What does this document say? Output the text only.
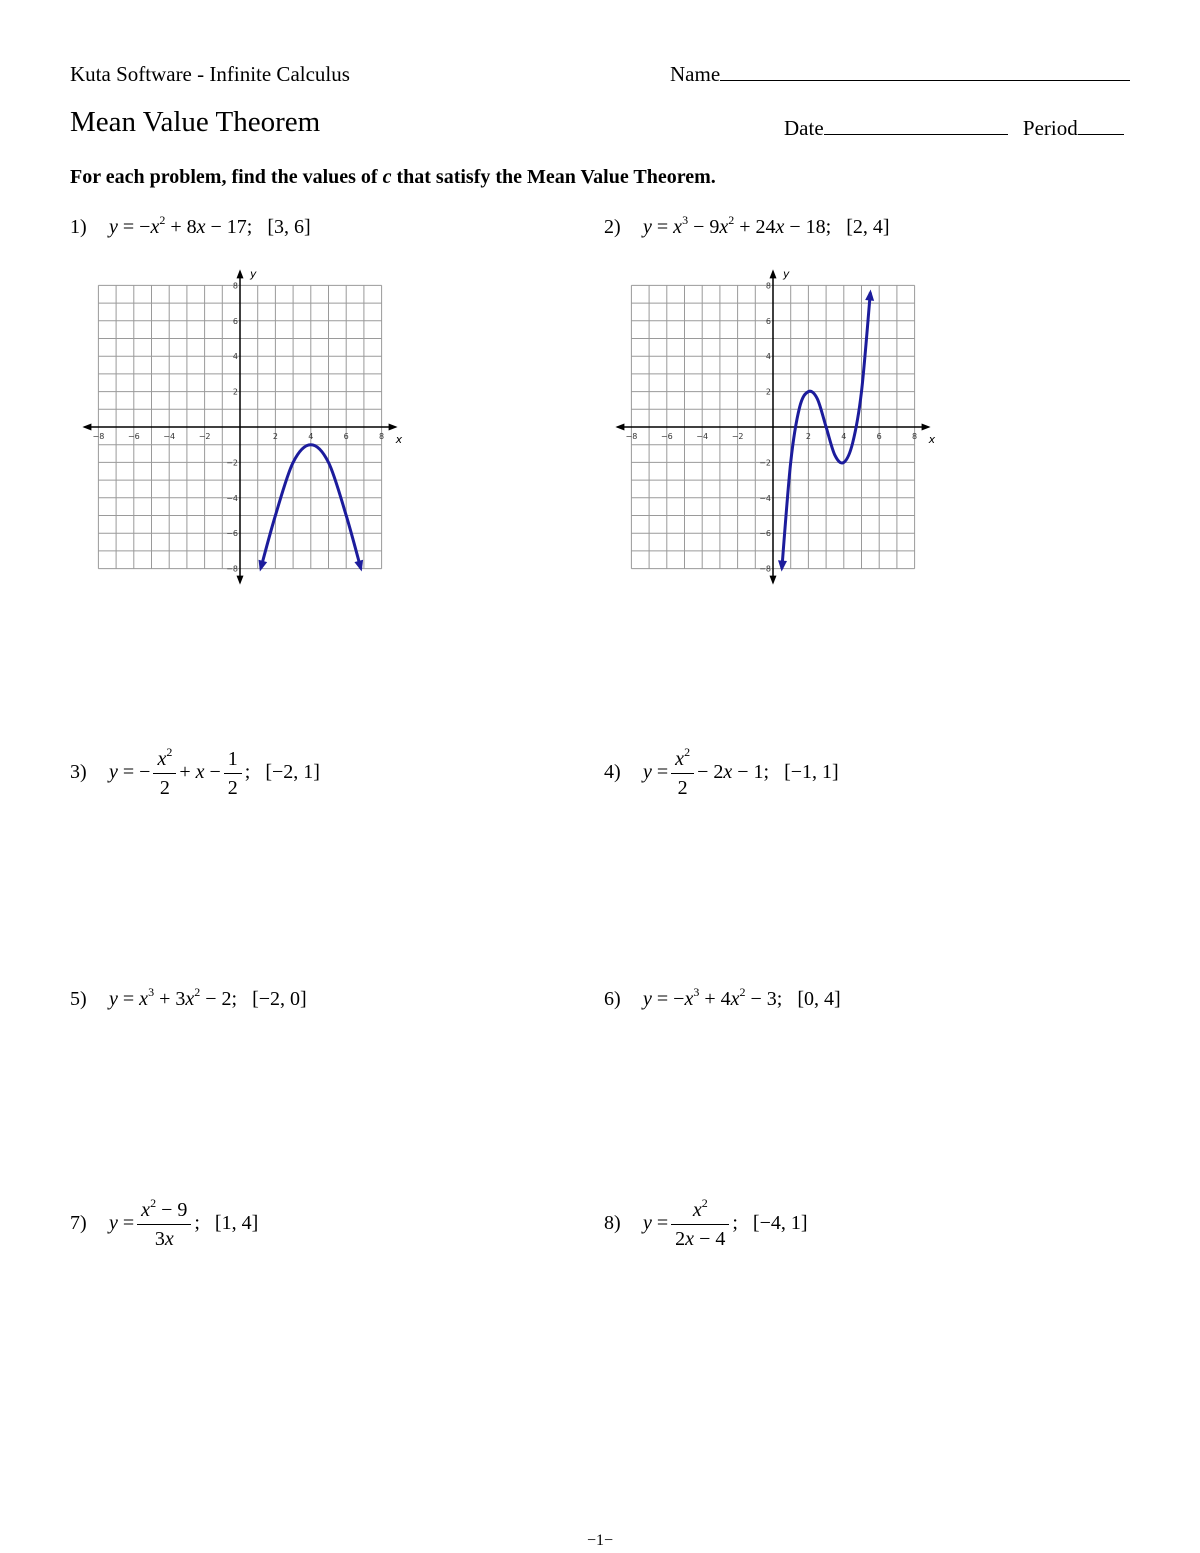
Kuta Software - Infinite Calculus	Name
Mean Value Theorem	Date	Period
For each problem, find the values of c that satisfy the Mean Value Theorem.
1) $y = -x^2 + 8x - 17$;   [3, 6]
x
y
−8	−6	−4	−2	2	4	6	8
8
6
4
2
−2
−4
−6
−8
2) $y = x^3 - 9x^2 + 24x - 18$;   [2, 4]
x
y
−8	−6	−4	−2	2	4	6	8
8
6
4
2
−2
−4
−6
−8
3) y = − $\frac{x^2}{2} + x - \frac{1}{2}$ ;   [−2, 1]	4) $y = \frac{x^2}{2} - 2x - 1$;   [−1, 1]
5) $y = x^3 + 3x^2 - 2$;   [−2, 0]	6) $y = -x^3 + 4x^2 - 3$;   [0, 4]
7) $y = \frac{x^2 - 9}{3x}$ ;   [1, 4]	8) $y = \frac{x^2}{2x - 4}$ ;   [−4, 1]
−1−
